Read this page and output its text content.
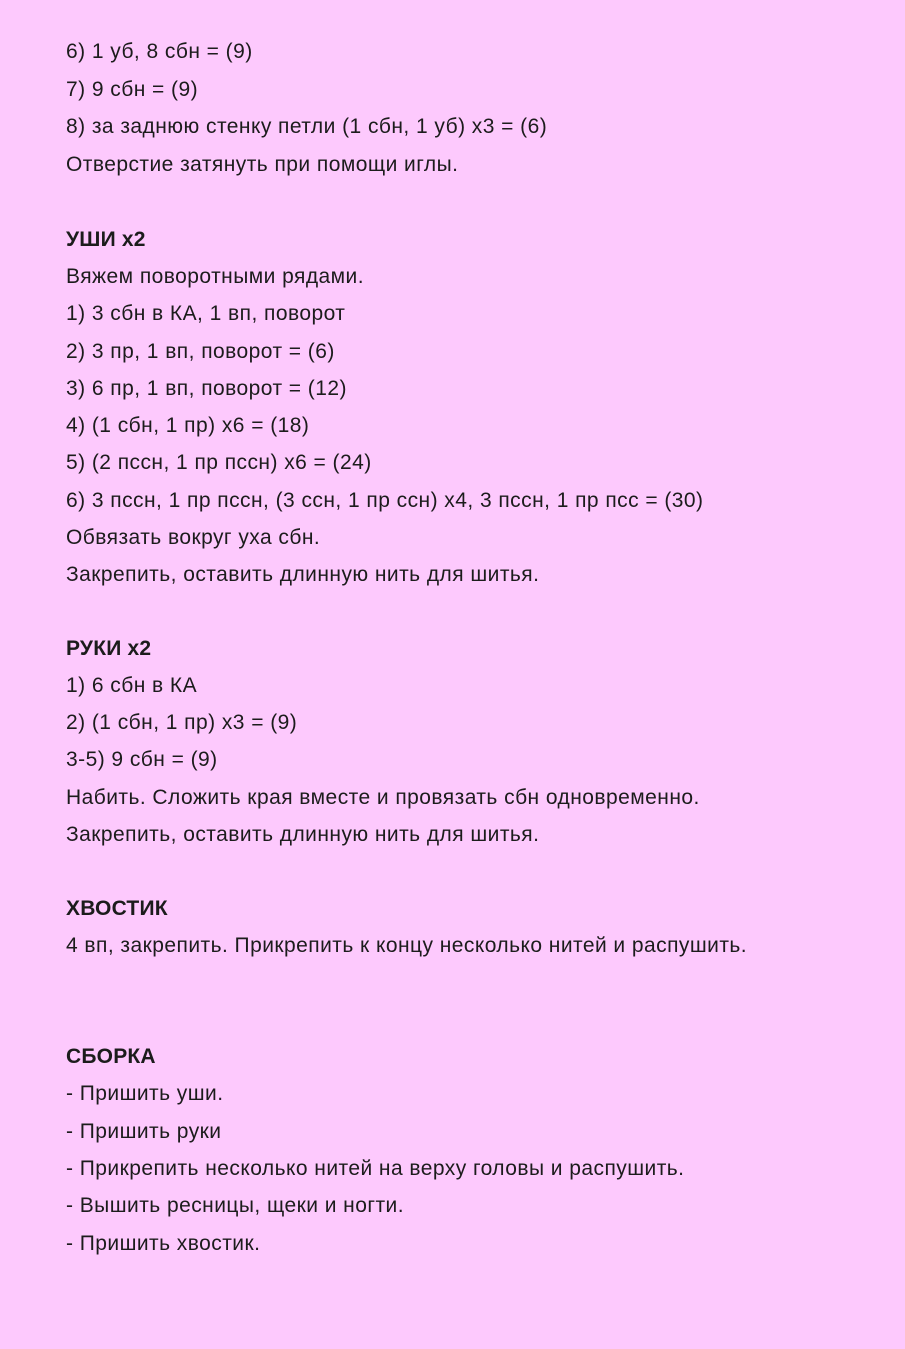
6) 1 уб, 8 сбн = (9)
7) 9 сбн = (9)
8) за заднюю стенку петли (1 сбн, 1 уб) х3 = (6)
Отверстие затянуть при помощи иглы.
УШИ х2
Вяжем поворотными рядами.
1) 3 сбн в КА, 1 вп, поворот
2) 3 пр, 1 вп, поворот = (6)
3) 6 пр, 1 вп, поворот = (12)
4) (1 сбн, 1 пр) х6 = (18)
5) (2 пссн, 1 пр пссн) х6 = (24)
6) 3 пссн, 1 пр пссн, (3 ссн, 1 пр ссн) х4, 3 пссн, 1 пр псс = (30)
Обвязать вокруг уха сбн.
Закрепить, оставить длинную нить для шитья.
РУКИ х2
1) 6 сбн в КА
2) (1 сбн, 1 пр) х3 = (9)
3-5) 9 сбн = (9)
Набить. Сложить края вместе и провязать сбн одновременно.
Закрепить, оставить длинную нить для шитья.
ХВОСТИК
4 вп, закрепить. Прикрепить к концу несколько нитей и распушить.
СБОРКА
- Пришить уши.
- Пришить руки
- Прикрепить несколько нитей на верху головы и распушить.
- Вышить ресницы, щеки и ногти.
- Пришить хвостик.
